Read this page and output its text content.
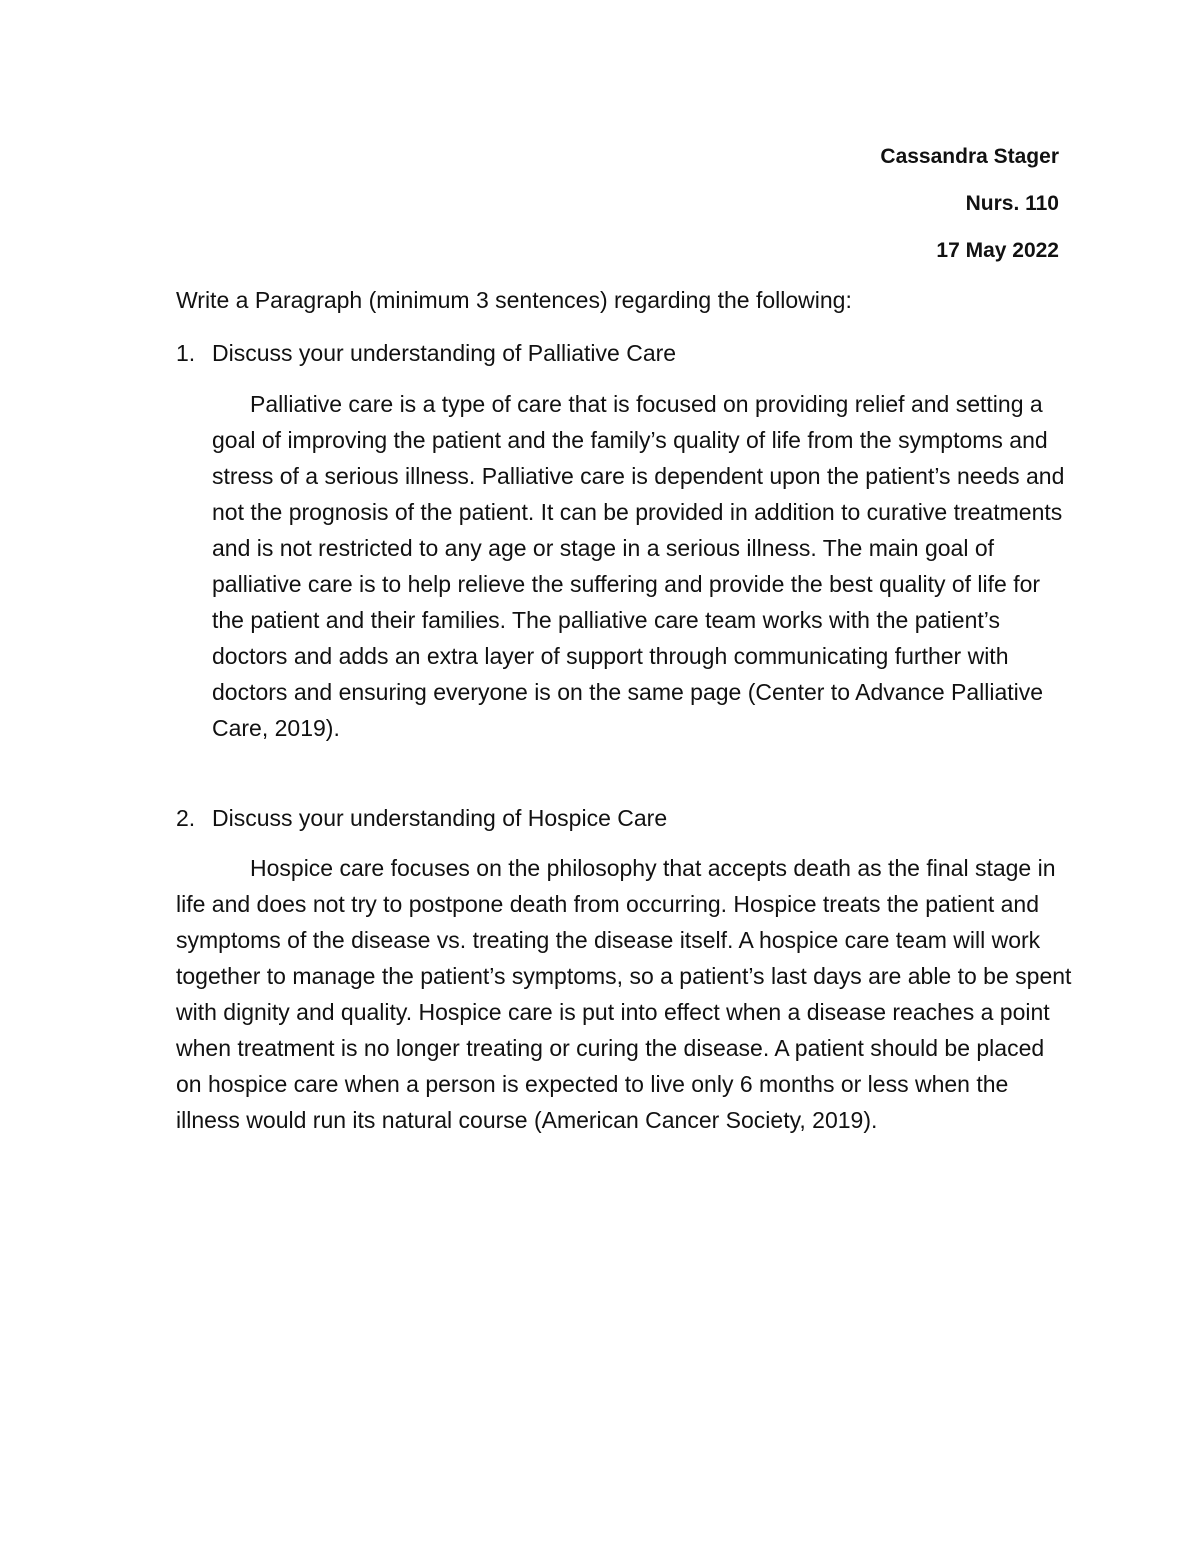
Cassandra Stager
Nurs. 110
17 May 2022
Write a Paragraph (minimum 3 sentences) regarding the following:
1. Discuss your understanding of Palliative Care

Palliative care is a type of care that is focused on providing relief and setting a goal of improving the patient and the family’s quality of life from the symptoms and stress of a serious illness. Palliative care is dependent upon the patient’s needs and not the prognosis of the patient. It can be provided in addition to curative treatments and is not restricted to any age or stage in a serious illness. The main goal of palliative care is to help relieve the suffering and provide the best quality of life for the patient and their families. The palliative care team works with the patient’s doctors and adds an extra layer of support through communicating further with doctors and ensuring everyone is on the same page (Center to Advance Palliative Care, 2019).

2. Discuss your understanding of Hospice Care

Hospice care focuses on the philosophy that accepts death as the final stage in life and does not try to postpone death from occurring. Hospice treats the patient and symptoms of the disease vs. treating the disease itself. A hospice care team will work together to manage the patient’s symptoms, so a patient’s last days are able to be spent with dignity and quality. Hospice care is put into effect when a disease reaches a point when treatment is no longer treating or curing the disease. A patient should be placed on hospice care when a person is expected to live only 6 months or less when the illness would run its natural course (American Cancer Society, 2019).
